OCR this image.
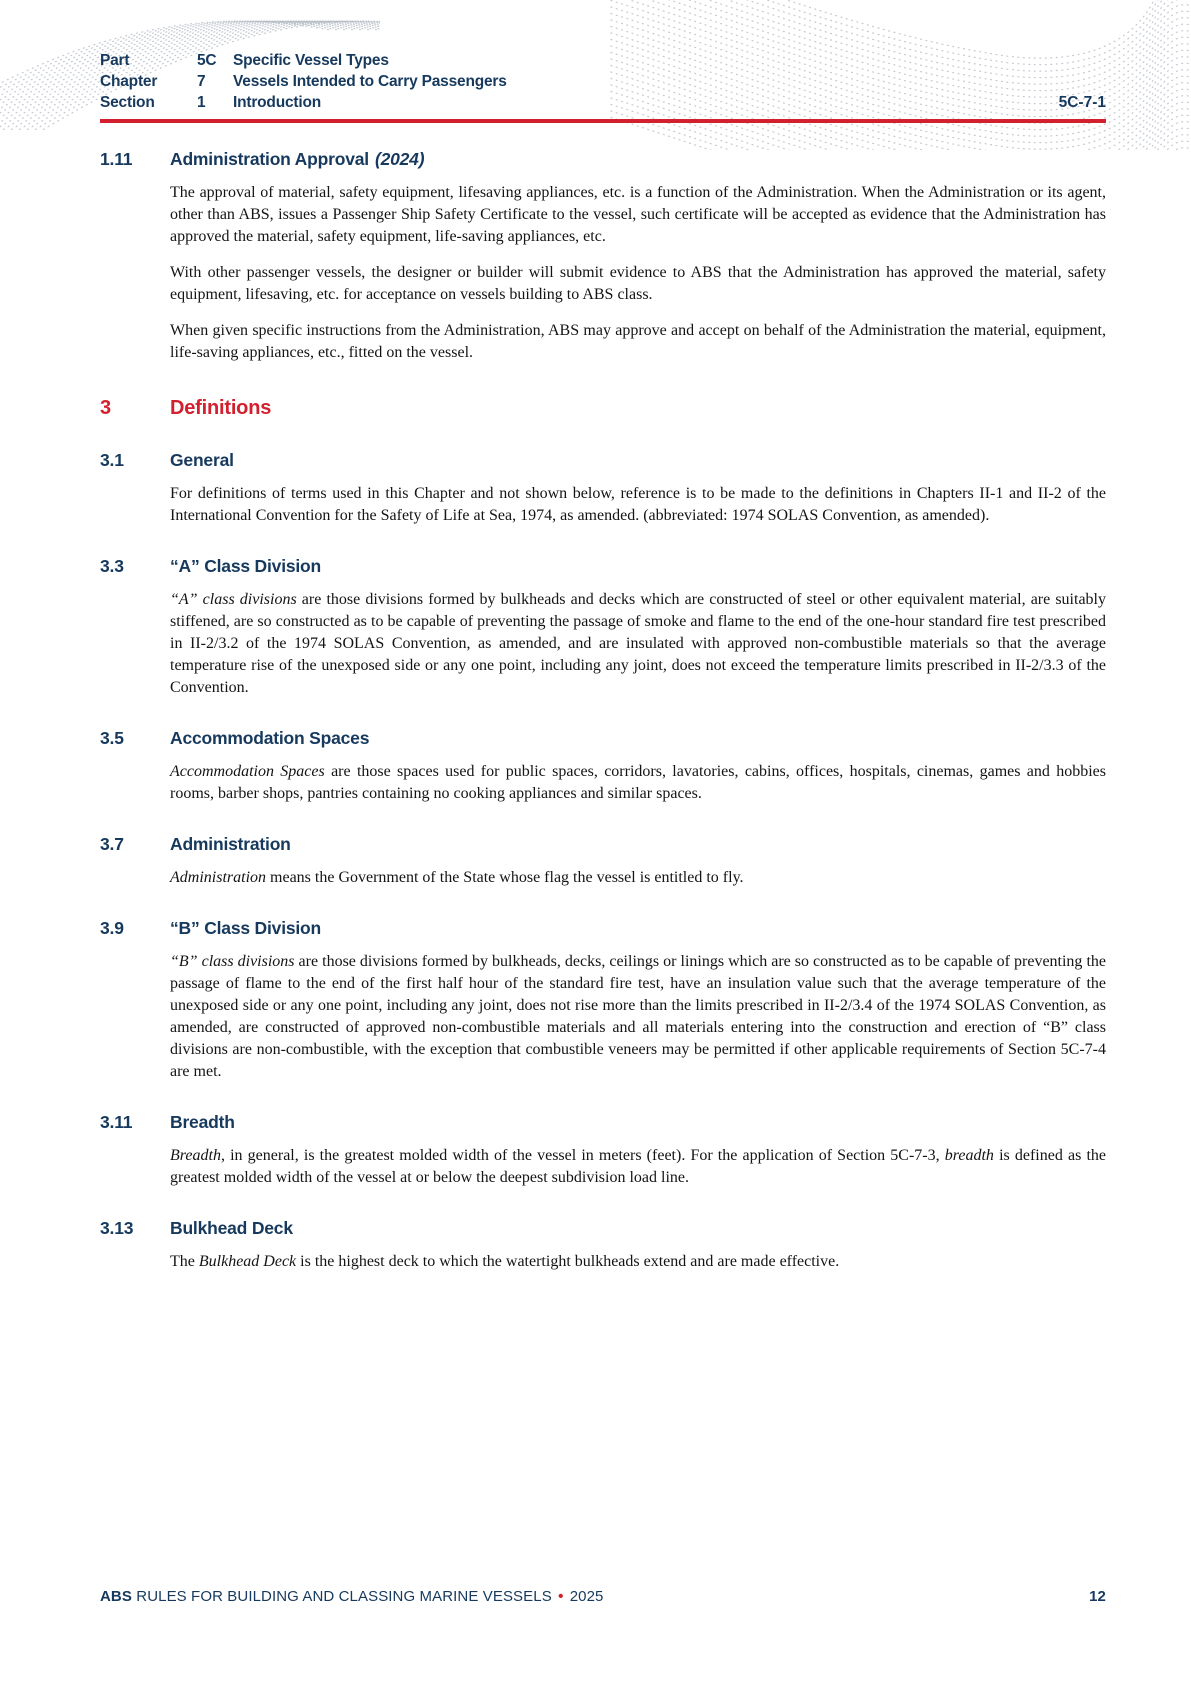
Part	5C	Specific Vessel Types
Chapter	7	Vessels Intended to Carry Passengers
Section	1	Introduction	5C-7-1
1.11	Administration Approval (2024)

The approval of material, safety equipment, lifesaving appliances, etc. is a function of the Administration. When the Administration or its agent, other than ABS, issues a Passenger Ship Safety Certificate to the vessel, such certificate will be accepted as evidence that the Administration has approved the material, safety equipment, life-saving appliances, etc.

With other passenger vessels, the designer or builder will submit evidence to ABS that the Administration has approved the material, safety equipment, lifesaving, etc. for acceptance on vessels building to ABS class.

When given specific instructions from the Administration, ABS may approve and accept on behalf of the Administration the material, equipment, life-saving appliances, etc., fitted on the vessel.

3	Definitions
3.1	General

For definitions of terms used in this Chapter and not shown below, reference is to be made to the definitions in Chapters II-1 and II-2 of the International Convention for the Safety of Life at Sea, 1974, as amended. (abbreviated: 1974 SOLAS Convention, as amended).

3.3	“A” Class Division

“A” class divisions are those divisions formed by bulkheads and decks which are constructed of steel or other equivalent material, are suitably stiffened, are so constructed as to be capable of preventing the passage of smoke and flame to the end of the one-hour standard fire test prescribed in II-2/3.2 of the 1974 SOLAS Convention, as amended, and are insulated with approved non-combustible materials so that the average temperature rise of the unexposed side or any one point, including any joint, does not exceed the temperature limits prescribed in II-2/3.3 of the Convention.

3.5	Accommodation Spaces

Accommodation Spaces are those spaces used for public spaces, corridors, lavatories, cabins, offices, hospitals, cinemas, games and hobbies rooms, barber shops, pantries containing no cooking appliances and similar spaces.

3.7	Administration

Administration means the Government of the State whose flag the vessel is entitled to fly.

3.9	“B” Class Division

“B” class divisions are those divisions formed by bulkheads, decks, ceilings or linings which are so constructed as to be capable of preventing the passage of flame to the end of the first half hour of the standard fire test, have an insulation value such that the average temperature of the unexposed side or any one point, including any joint, does not rise more than the limits prescribed in II-2/3.4 of the 1974 SOLAS Convention, as amended, are constructed of approved non-combustible materials and all materials entering into the construction and erection of “B” class divisions are non-combustible, with the exception that combustible veneers may be permitted if other applicable requirements of Section 5C-7-4 are met.

3.11	Breadth

Breadth, in general, is the greatest molded width of the vessel in meters (feet). For the application of Section 5C-7-3, breadth is defined as the greatest molded width of the vessel at or below the deepest subdivision load line.

3.13	Bulkhead Deck

The Bulkhead Deck is the highest deck to which the watertight bulkheads extend and are made effective.

ABS RULES FOR BUILDING AND CLASSING MARINE VESSELS • 2025	12
